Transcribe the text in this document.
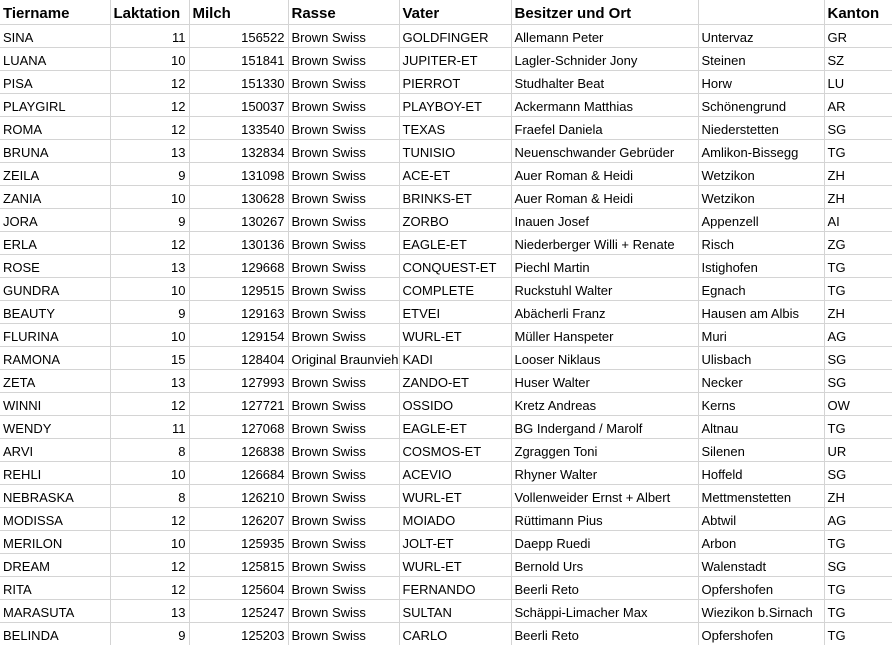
Tiername	Laktation	Milch	Rasse	Vater	Besitzer und Ort		Kanton
SINA	11	156522	Brown Swiss	GOLDFINGER	Allemann Peter	Untervaz	GR
LUANA	10	151841	Brown Swiss	JUPITER-ET	Lagler-Schnider Jony	Steinen	SZ
PISA	12	151330	Brown Swiss	PIERROT	Studhalter Beat	Horw	LU
PLAYGIRL	12	150037	Brown Swiss	PLAYBOY-ET	Ackermann Matthias	Schönengrund	AR
ROMA	12	133540	Brown Swiss	TEXAS	Fraefel Daniela	Niederstetten	SG
BRUNA	13	132834	Brown Swiss	TUNISIO	Neuenschwander Gebrüder	Amlikon-Bissegg	TG
ZEILA	9	131098	Brown Swiss	ACE-ET	Auer Roman & Heidi	Wetzikon	ZH
ZANIA	10	130628	Brown Swiss	BRINKS-ET	Auer Roman & Heidi	Wetzikon	ZH
JORA	9	130267	Brown Swiss	ZORBO	Inauen Josef	Appenzell	AI
ERLA	12	130136	Brown Swiss	EAGLE-ET	Niederberger Willi + Renate	Risch	ZG
ROSE	13	129668	Brown Swiss	CONQUEST-ET	Piechl Martin	Istighofen	TG
GUNDRA	10	129515	Brown Swiss	COMPLETE	Ruckstuhl Walter	Egnach	TG
BEAUTY	9	129163	Brown Swiss	ETVEI	Abächerli Franz	Hausen am Albis	ZH
FLURINA	10	129154	Brown Swiss	WURL-ET	Müller Hanspeter	Muri	AG
RAMONA	15	128404	Original Braunvieh	KADI	Looser Niklaus	Ulisbach	SG
ZETA	13	127993	Brown Swiss	ZANDO-ET	Huser Walter	Necker	SG
WINNI	12	127721	Brown Swiss	OSSIDO	Kretz Andreas	Kerns	OW
WENDY	11	127068	Brown Swiss	EAGLE-ET	BG Indergand / Marolf	Altnau	TG
ARVI	8	126838	Brown Swiss	COSMOS-ET	Zgraggen Toni	Silenen	UR
REHLI	10	126684	Brown Swiss	ACEVIO	Rhyner Walter	Hoffeld	SG
NEBRASKA	8	126210	Brown Swiss	WURL-ET	Vollenweider Ernst + Albert	Mettmenstetten	ZH
MODISSA	12	126207	Brown Swiss	MOIADO	Rüttimann Pius	Abtwil	AG
MERILON	10	125935	Brown Swiss	JOLT-ET	Daepp Ruedi	Arbon	TG
DREAM	12	125815	Brown Swiss	WURL-ET	Bernold Urs	Walenstadt	SG
RITA	12	125604	Brown Swiss	FERNANDO	Beerli Reto	Opfershofen	TG
MARASUTA	13	125247	Brown Swiss	SULTAN	Schäppi-Limacher Max	Wiezikon b.Sirnach	TG
BELINDA	9	125203	Brown Swiss	CARLO	Beerli Reto	Opfershofen	TG
